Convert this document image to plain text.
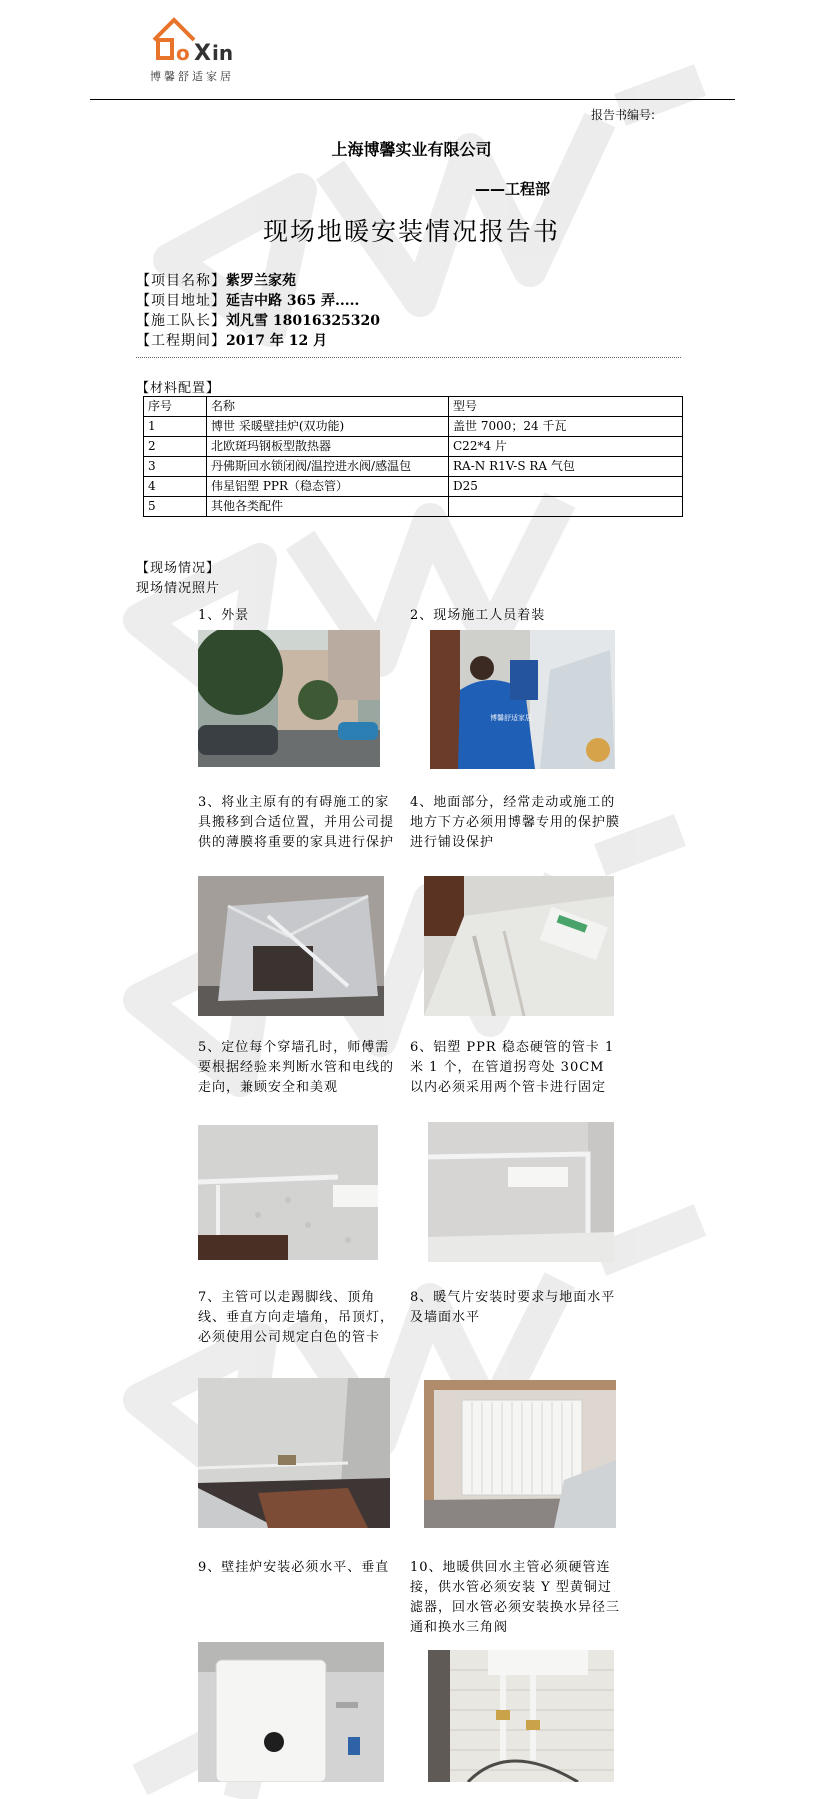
o X in
博馨舒适家居
报告书编号:
上海博馨实业有限公司
——工程部
现场地暖安装情况报告书
【项目名称】紫罗兰家苑
【项目地址】延吉中路 365 弄.....
【施工队长】刘凡雪 18016325320
【工程期间】2017 年 12 月
【材料配置】
序号	名称	型号
1	博世 采暖壁挂炉(双功能)	盖世 7000；24 千瓦
2	北欧斑玛钢板型散热器	C22*4 片
3	丹佛斯回水锁闭阀/温控进水阀/感温包	RA-N R1V-S RA 气包
4	伟星铝塑 PPR（稳态管）	D25
5	其他各类配件	
【现场情况】
现场情况照片
1、外景	2、现场施工人员着装
3、将业主原有的有碍施工的家具搬移到合适位置，并用公司提供的薄膜将重要的家具进行保护
4、地面部分，经常走动或施工的地方下方必须用博馨专用的保护膜进行铺设保护
5、定位每个穿墙孔时，师傅需要根据经验来判断水管和电线的走向，兼顾安全和美观
6、铝塑 PPR 稳态硬管的管卡 1 米 1 个，在管道拐弯处 30CM 以内必须采用两个管卡进行固定
7、主管可以走踢脚线、顶角线、垂直方向走墙角，吊顶灯，必须使用公司规定白色的管卡
8、暖气片安装时要求与地面水平及墙面水平
9、壁挂炉安装必须水平、垂直	10、地暖供回水主管必须硬管连接，供水管必须安装 Y 型黄铜过滤器，回水管必须安装换水异径三通和换水三角阀
博馨舒适家居
